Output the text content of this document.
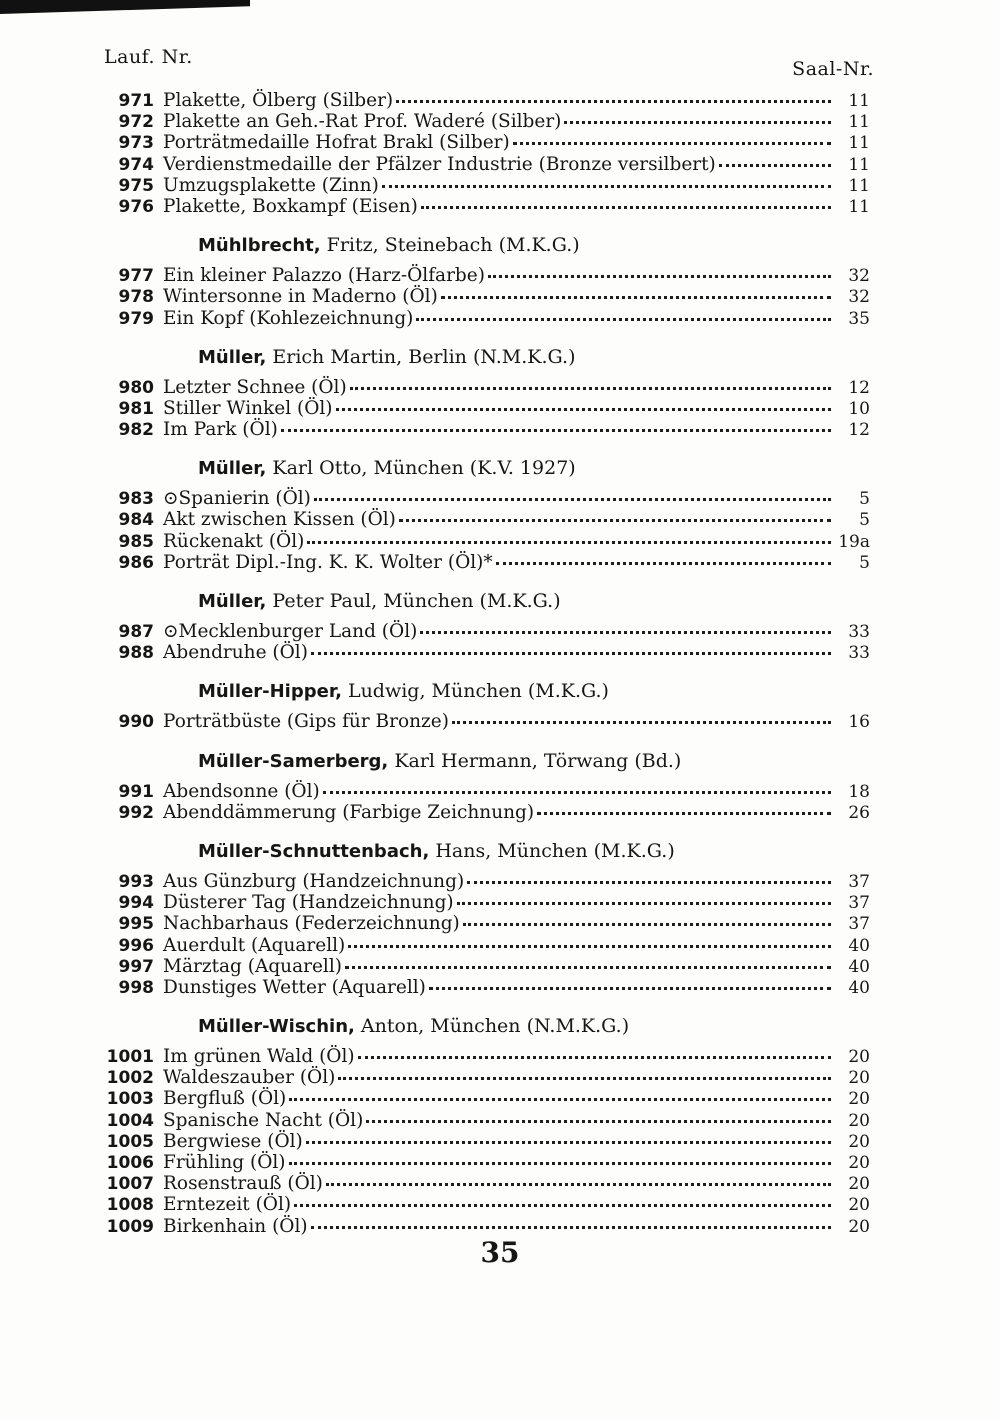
Lauf. Nr.
Saal-Nr.
971 Plakette, Ölberg (Silber)	11
972 Plakette an Geh.-Rat Prof. Waderé (Silber)	11
973 Porträtmedaille Hofrat Brakl (Silber)	11
974 Verdienstmedaille der Pfälzer Industrie (Bronze versilbert)	11
975 Umzugsplakette (Zinn)	11
976 Plakette, Boxkampf (Eisen)	11
Mühlbrecht, Fritz, Steinebach (M.K.G.)
977 Ein kleiner Palazzo (Harz-Ölfarbe)	32
978 Wintersonne in Maderno (Öl)	32
979 Ein Kopf (Kohlezeichnung)	35
Müller, Erich Martin, Berlin (N.M.K.G.)
980 Letzter Schnee (Öl)	12
981 Stiller Winkel (Öl)	10
982 Im Park (Öl)	12
Müller, Karl Otto, München (K.V. 1927)
983 ⊙Spanierin (Öl)	5
984 Akt zwischen Kissen (Öl)	5
985 Rückenakt (Öl)	19a
986 Porträt Dipl.-Ing. K. K. Wolter (Öl)*	5
Müller, Peter Paul, München (M.K.G.)
987 ⊙Mecklenburger Land (Öl)	33
988 Abendruhe (Öl)	33
Müller-Hipper, Ludwig, München (M.K.G.)
990 Porträtbüste (Gips für Bronze)	16
Müller-Samerberg, Karl Hermann, Törwang (Bd.)
991 Abendsonne (Öl)	18
992 Abenddämmerung (Farbige Zeichnung)	26
Müller-Schnuttenbach, Hans, München (M.K.G.)
993 Aus Günzburg (Handzeichnung)	37
994 Düsterer Tag (Handzeichnung)	37
995 Nachbarhaus (Federzeichnung)	37
996 Auerdult (Aquarell)	40
997 Märztag (Aquarell)	40
998 Dunstiges Wetter (Aquarell)	40
Müller-Wischin, Anton, München (N.M.K.G.)
1001 Im grünen Wald (Öl)	20
1002 Waldeszauber (Öl)	20
1003 Bergfluß (Öl)	20
1004 Spanische Nacht (Öl)	20
1005 Bergwiese (Öl)	20
1006 Frühling (Öl)	20
1007 Rosenstrauß (Öl)	20
1008 Erntezeit (Öl)	20
1009 Birkenhain (Öl)	20
35
